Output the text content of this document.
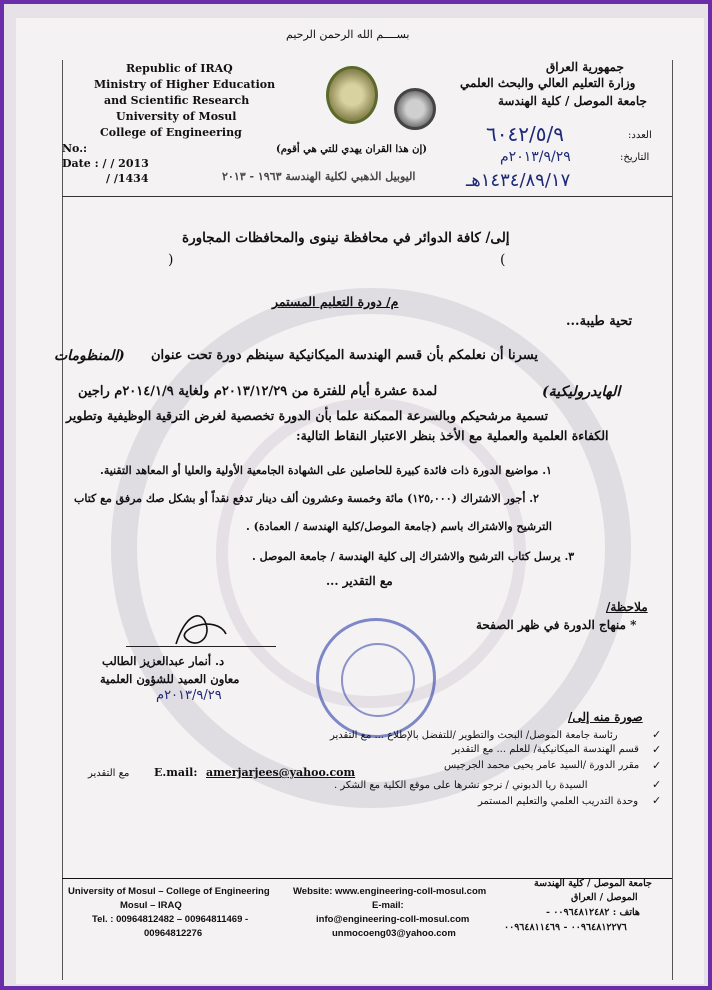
بســــم الله الرحمن الرحيم
Republic of IRAQ
Ministry of Higher Education
and Scientific Research
University of Mosul
College of Engineering
No.:
Date : / / 2013
/ /1434
(إن هذا القران يهدي للتي هي أقوم)
جمهورية العراق
وزارة التعليم العالي والبحث العلمي
جامعة الموصل / كلية الهندسة
العدد:
٦٠٤٢/٥/٩
التاريخ:
٢٠١٣/٩/٢٩م
١٤٣٤/٨٩/١٧هـ
اليوبيل الذهبي لكلية الهندسة ١٩٦٣ - ٢٠١٣
إلى/ كافة الدوائر في محافظة نينوى والمحافظات المجاورة
(
)
م/ دورة التعليم المستمر
تحية طيبة...
يسرنا أن نعلمكم بأن قسم الهندسة الميكانيكية سينظم دورة تحت عنوان
(المنظومات
الهايدروليكية)
لمدة عشرة أيام للفترة من ٢٠١٣/١٢/٢٩م ولغاية ٢٠١٤/١/٩م راجين
تسمية مرشحيكم وبالسرعة الممكنة علما بأن الدورة تخصصية لغرض الترقية الوظيفية وتطوير
الكفاءة العلمية والعملية مع الأخذ بنظر الاعتبار النقاط التالية:
١. مواضيع الدورة ذات فائدة كبيرة للحاصلين على الشهادة الجامعية الأولية والعليا أو المعاهد التقنية.
٢. أجور الاشتراك (١٢٥,٠٠٠) مائة وخمسة وعشرون ألف دينار تدفع نقداً أو بشكل صك مرفق مع كتاب
الترشيح والاشتراك باسم (جامعة الموصل/كلية الهندسة / العمادة) .
٣. يرسل كتاب الترشيح والاشتراك إلى كلية الهندسة / جامعة الموصل .
مع التقدير ...
ملاحظة/
* منهاج الدورة في ظهر الصفحة
د. أنمار عبدالعزيز الطالب
معاون العميد للشؤون العلمية
٢٠١٣/٩/٢٩م
صورة منه إلى/
رئاسة جامعة الموصل/ البحث والتطوير /للتفضل بالإطلاع ... مع التقدير
قسم الهندسة الميكانيكية/ للعلم ... مع التقدير
مقرر الدورة /السيد عامر يحيى محمد الجرجيس
مع التقدير E.mail: amerjarjees@yahoo.com
السيدة ريا الدبوني / نرجو نشرها على موقع الكلية مع الشكر .
وحدة التدريب العلمي والتعليم المستمر
✓
✓
✓
✓
✓
University of Mosul – College of Engineering
Mosul – IRAQ
Tel. : 00964812482 – 00964811469 -
00964812276
Website: www.engineering-coll-mosul.com
E-mail:
info@engineering-coll-mosul.com
unmocoeng03@yahoo.com
جامعة الموصل / كلية الهندسة
الموصل / العراق
هاتف : ٠٠٩٦٤٨١٢٤٨٢ -
٠٠٩٦٤٨١٢٢٧٦ - ٠٠٩٦٤٨١١٤٦٩
